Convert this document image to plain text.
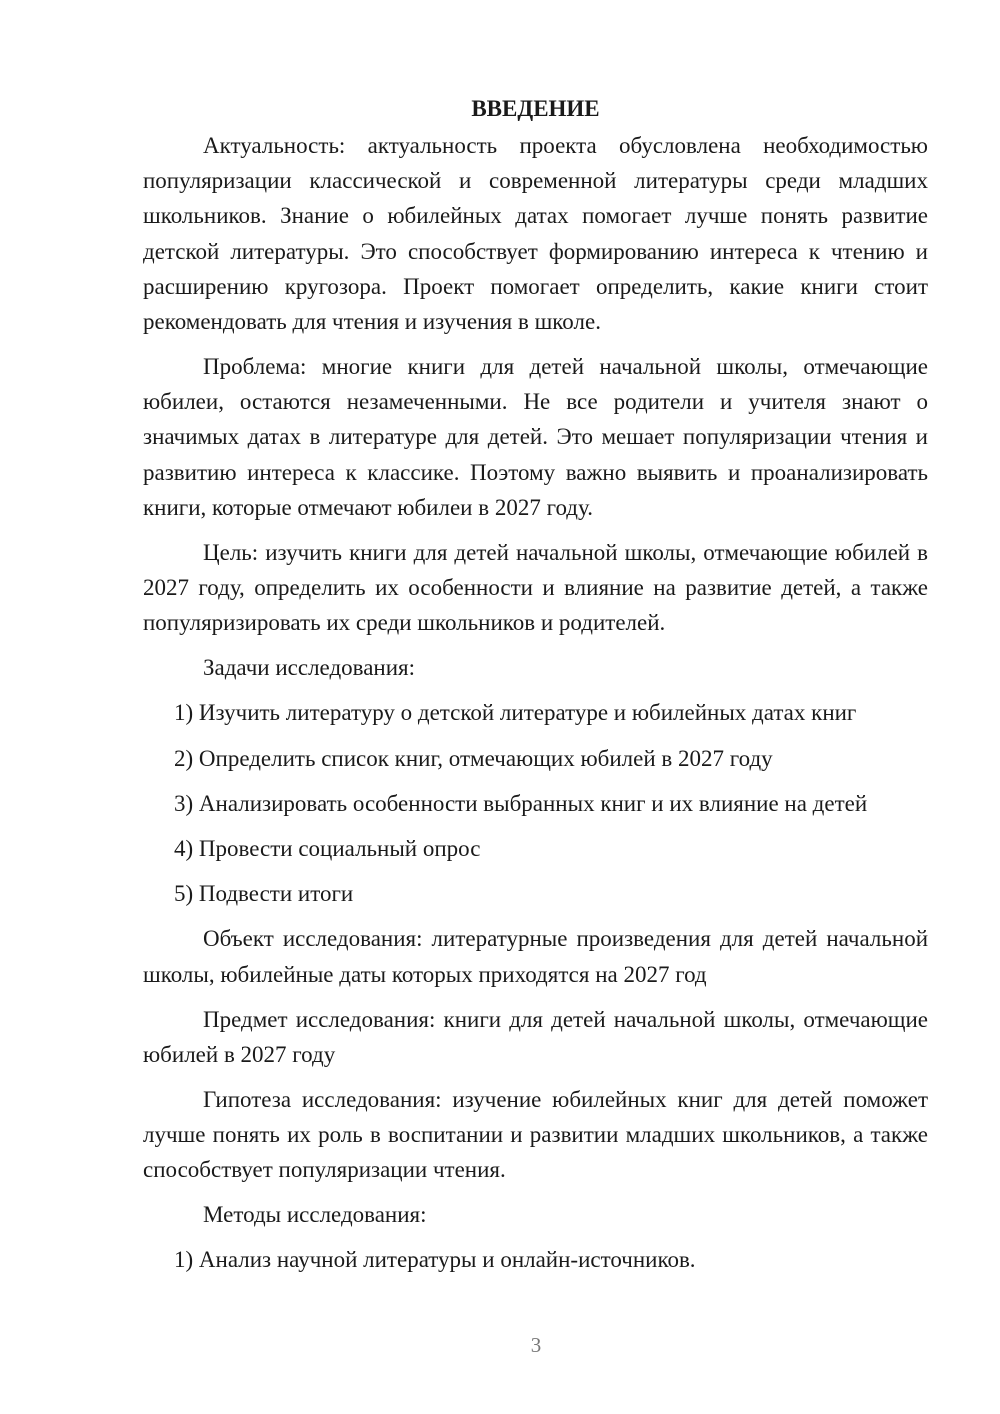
ВВЕДЕНИЕ

Актуальность: актуальность проекта обусловлена необходимостью популяризации классической и современной литературы среди младших школьников. Знание о юбилейных датах помогает лучше понять развитие детской литературы. Это способствует формированию интереса к чтению и расширению кругозора. Проект помогает определить, какие книги стоит рекомендовать для чтения и изучения в школе.

Проблема: многие книги для детей начальной школы, отмечающие юбилеи, остаются незамеченными. Не все родители и учителя знают о значимых датах в литературе для детей. Это мешает популяризации чтения и развитию интереса к классике. Поэтому важно выявить и проанализировать книги, которые отмечают юбилеи в 2027 году.

Цель: изучить книги для детей начальной школы, отмечающие юбилей в 2027 году, определить их особенности и влияние на развитие детей, а также популяризировать их среди школьников и родителей.

Задачи исследования:
1) Изучить литературу о детской литературе и юбилейных датах книг
2) Определить список книг, отмечающих юбилей в 2027 году
3) Анализировать особенности выбранных книг и их влияние на детей
4) Провести социальный опрос
5) Подвести итоги

Объект исследования: литературные произведения для детей начальной школы, юбилейные даты которых приходятся на 2027 год

Предмет исследования: книги для детей начальной школы, отмечающие юбилей в 2027 году

Гипотеза исследования: изучение юбилейных книг для детей поможет лучше понять их роль в воспитании и развитии младших школьников, а также способствует популяризации чтения.

Методы исследования:
1) Анализ научной литературы и онлайн-источников.
3
